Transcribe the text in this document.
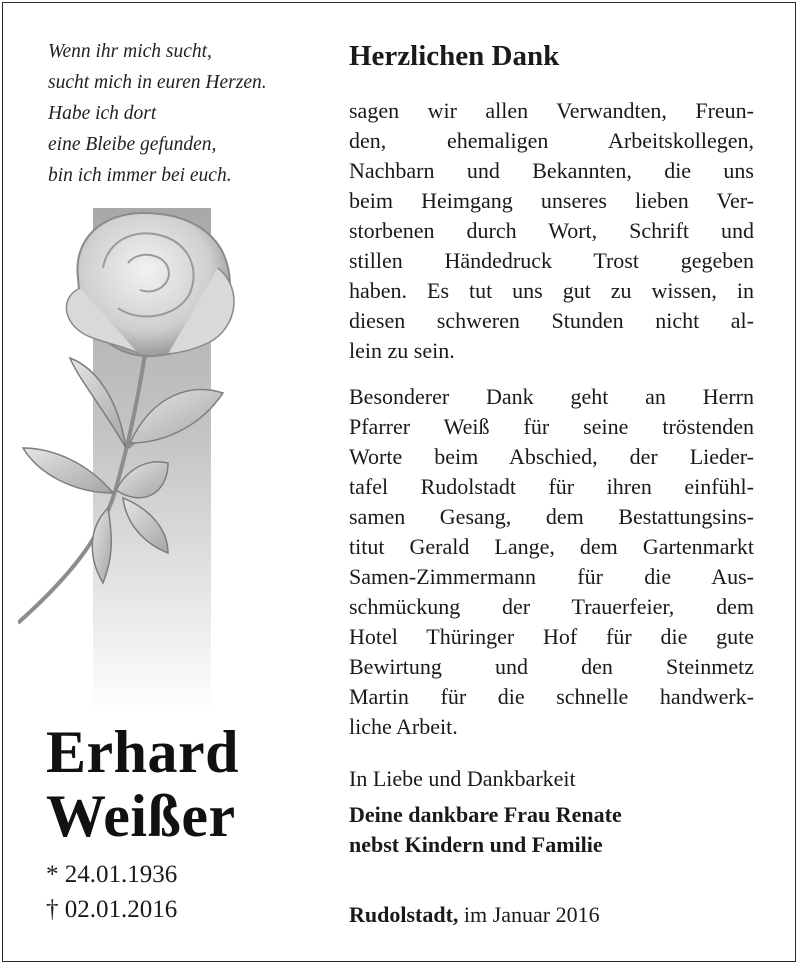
Wenn ihr mich sucht,
sucht mich in euren Herzen.
Habe ich dort
eine Bleibe gefunden,
bin ich immer bei euch.
Erhard
Weißer
* 24.01.1936
† 02.01.2016
Herzlichen Dank
sagen wir allen Verwandten, Freun-
den, ehemaligen Arbeitskollegen,
Nachbarn und Bekannten, die uns
beim Heimgang unseres lieben Ver-
storbenen durch Wort, Schrift und
stillen Händedruck Trost gegeben
haben. Es tut uns gut zu wissen, in
diesen schweren Stunden nicht al-
lein zu sein.
Besonderer Dank geht an Herrn
Pfarrer Weiß für seine tröstenden
Worte beim Abschied, der Lieder-
tafel Rudolstadt für ihren einfühl-
samen Gesang, dem Bestattungsins-
titut Gerald Lange, dem Gartenmarkt
Samen-Zimmermann für die Aus-
schmückung der Trauerfeier, dem
Hotel Thüringer Hof für die gute
Bewirtung und den Steinmetz
Martin für die schnelle handwerk-
liche Arbeit.
In Liebe und Dankbarkeit
Deine dankbare Frau Renate
nebst Kindern und Familie
Rudolstadt, im Januar 2016
